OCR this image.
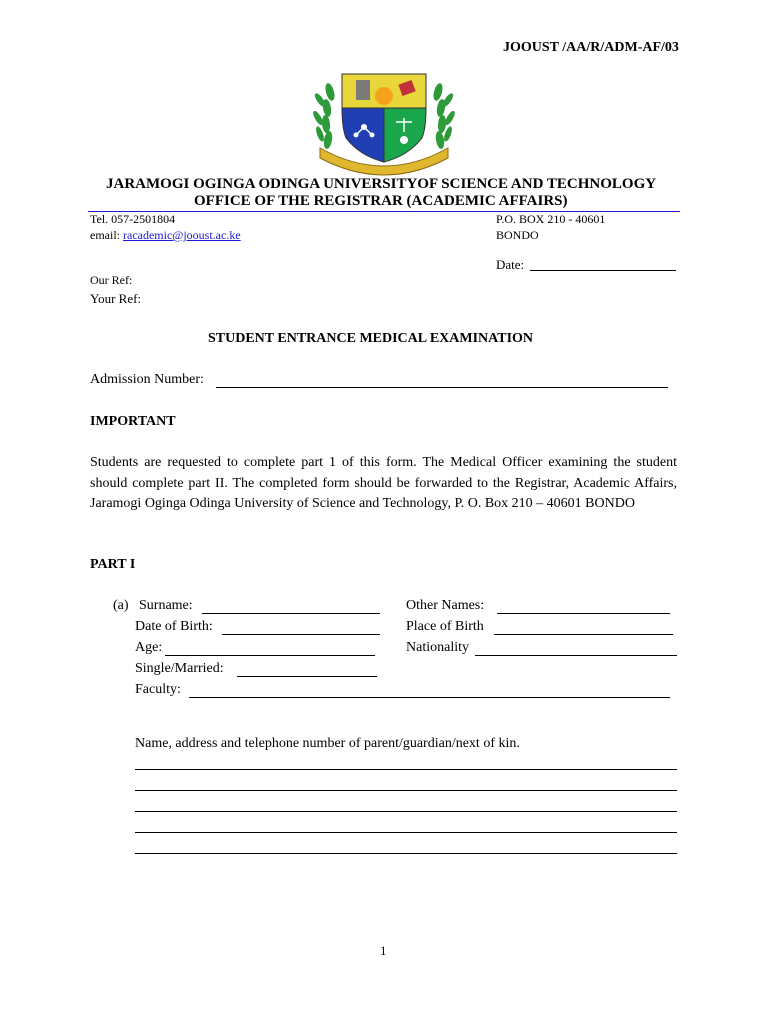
JOOUST /AA/R/ADM-AF/03
JARAMOGI OGINGA ODINGA UNIVERSITYOF SCIENCE AND TECHNOLOGY
OFFICE OF THE REGISTRAR (ACADEMIC AFFAIRS)
Tel. 057-2501804
email: racademic@jooust.ac.ke
P.O. BOX 210 - 40601
BONDO
Date:
Our Ref:
Your Ref:
STUDENT ENTRANCE MEDICAL EXAMINATION
Admission Number:
IMPORTANT
Students are requested to complete part 1 of this form. The Medical Officer examining the student should complete part II. The completed form should be forwarded to the Registrar, Academic Affairs, Jaramogi Oginga Odinga University of Science and Technology, P. O. Box 210 – 40601 BONDO
PART I
(a) Surname:	Other Names:
Date of Birth:	Place of Birth
Age:	Nationality
Single/Married:
Faculty:
Name, address and telephone number of parent/guardian/next of kin.
1
